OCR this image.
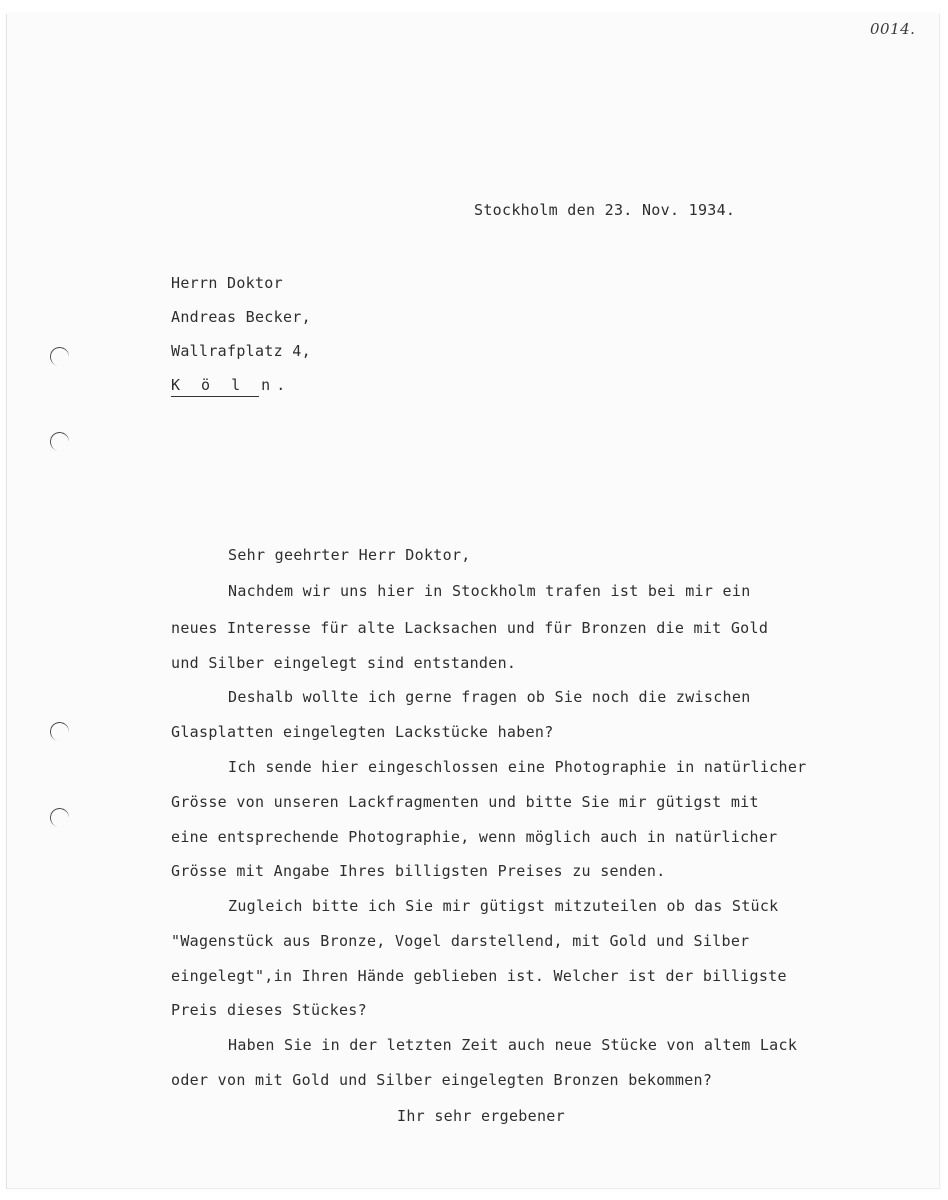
0014.
Stockholm den 23. Nov. 1934.
Herrn Doktor
Andreas Becker,
Wallrafplatz 4,
K ö l n.
Sehr geehrter Herr Doktor,
Nachdem wir uns hier in Stockholm trafen ist bei mir ein
neues Interesse für alte Lacksachen und für Bronzen die mit Gold
und Silber eingelegt sind entstanden.
Deshalb wollte ich gerne fragen ob Sie noch die zwischen
Glasplatten eingelegten Lackstücke haben?
Ich sende hier eingeschlossen eine Photographie in natürlicher
Grösse von unseren Lackfragmenten und bitte Sie mir gütigst mit
eine entsprechende Photographie, wenn möglich auch in natürlicher
Grösse mit Angabe Ihres billigsten Preises zu senden.
Zugleich bitte ich Sie mir gütigst mitzuteilen ob das Stück
"Wagenstück aus Bronze, Vogel darstellend, mit Gold und Silber
eingelegt",in Ihren Hände geblieben ist. Welcher ist der billigste
Preis dieses Stückes?
Haben Sie in der letzten Zeit auch neue Stücke von altem Lack
oder von mit Gold und Silber eingelegten Bronzen bekommen?
Ihr sehr ergebener
